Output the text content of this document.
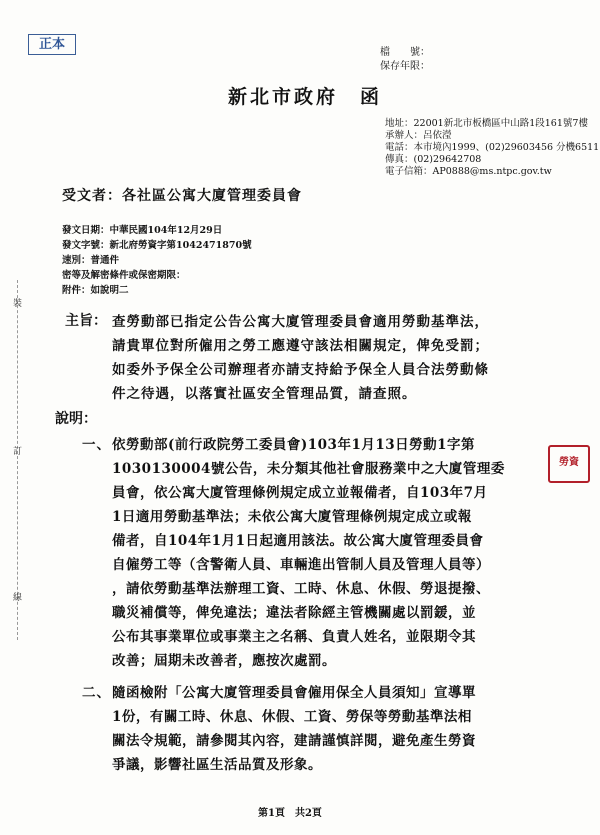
正本
檔　　號：
保存年限：
新北市政府　函
地址：22001新北市板橋區中山路1段161號7樓
承辦人：呂依瀅
電話：本市境內1999、(02)29603456 分機6511
傳真：(02)29642708
電子信箱：AP0888@ms.ntpc.gov.tw
受文者：各社區公寓大廈管理委員會
發文日期：中華民國104年12月29日
發文字號：新北府勞資字第1042471870號
速別：普通件
密等及解密條件或保密期限：
附件：如說明二
主旨： 查勞動部已指定公告公寓大廈管理委員會適用勞動基準法，
請貴單位對所僱用之勞工應遵守該法相關規定，俾免受罰；
如委外予保全公司辦理者亦請支持給予保全人員合法勞動條
件之待遇，以落實社區安全管理品質，請查照。
說明：
一、 依勞動部(前行政院勞工委員會)103年1月13日勞動1字第
1030130004號公告，未分類其他社會服務業中之大廈管理委
員會，依公寓大廈管理條例規定成立並報備者，自103年7月
1日適用勞動基準法；未依公寓大廈管理條例規定成立或報
備者，自104年1月1日起適用該法。故公寓大廈管理委員會
自僱勞工等（含警衛人員、車輛進出管制人員及管理人員等）
，請依勞動基準法辦理工資、工時、休息、休假、勞退提撥、
職災補償等，俾免違法；違法者除經主管機關處以罰鍰，並
公布其事業單位或事業主之名稱、負責人姓名，並限期令其
改善；屆期未改善者，應按次處罰。
二、 隨函檢附「公寓大廈管理委員會僱用保全人員須知」宣導單
1份，有關工時、休息、休假、工資、勞保等勞動基準法相
關法令規範，請參閱其內容，建請謹慎詳閱，避免產生勞資
爭議，影響社區生活品質及形象。
第1頁　共2頁
裝
訂
線
勞資
